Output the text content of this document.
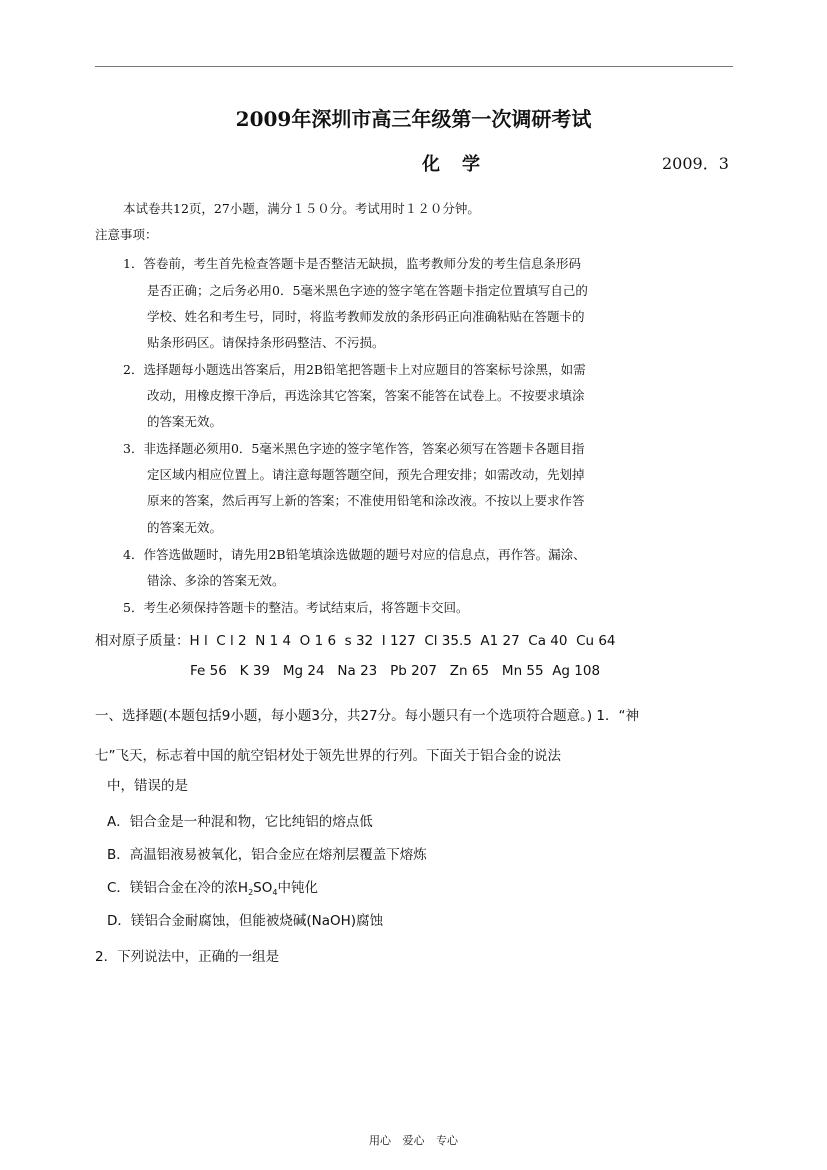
2009年深圳市高三年级第一次调研考试
化学	2009．3
本试卷共12页，27小题，满分１５０分。考试用时１２０分钟。
注意事项：
1．答卷前，考生首先检查答题卡是否整洁无缺损，监考教师分发的考生信息条形码
是否正确；之后务必用0．5毫米黑色字迹的签字笔在答题卡指定位置填写自己的
学校、姓名和考生号，同时，将监考教师发放的条形码正向准确粘贴在答题卡的
贴条形码区。请保持条形码整洁、不污损。
2．选择题每小题选出答案后，用2B铅笔把答题卡上对应题目的答案标号涂黑，如需
改动，用橡皮擦干净后，再选涂其它答案，答案不能答在试卷上。不按要求填涂
的答案无效。
3．非选择题必须用0．5毫米黑色字迹的签字笔作答，答案必须写在答题卡各题目指
定区域内相应位置上。请注意每题答题空间，预先合理安排；如需改动，先划掉
原来的答案，然后再写上新的答案；不准使用铅笔和涂改液。不按以上要求作答
的答案无效。
4．作答选做题时，请先用2B铅笔填涂选做题的题号对应的信息点，再作答。漏涂、
错涂、多涂的答案无效。
5．考生必须保持答题卡的整洁。考试结束后，将答题卡交回。
相对原子质量：H l  C l 2  N 1 4  O 1 6  s 32  I 127  Cl 35.5  A1 27  Ca 40  Cu 64
Fe 56   K 39   Mg 24   Na 23   Pb 207   Zn 65   Mn 55  Ag 108
一、选择题(本题包括9小题，每小题3分，共27分。每小题只有一个选项符合题意。) 1．“神
七”飞天，标志着中国的航空铝材处于领先世界的行列。下面关于铝合金的说法
中，错误的是
A．铝合金是一种混和物，它比纯铝的熔点低
B．高温铝液易被氧化，铝合金应在熔剂层覆盖下熔炼
C．镁铝合金在冷的浓$H_2SO_4$中钝化
D．镁铝合金耐腐蚀，但能被烧碱(NaOH)腐蚀
2．下列说法中，正确的一组是
用心 爱心 专心
